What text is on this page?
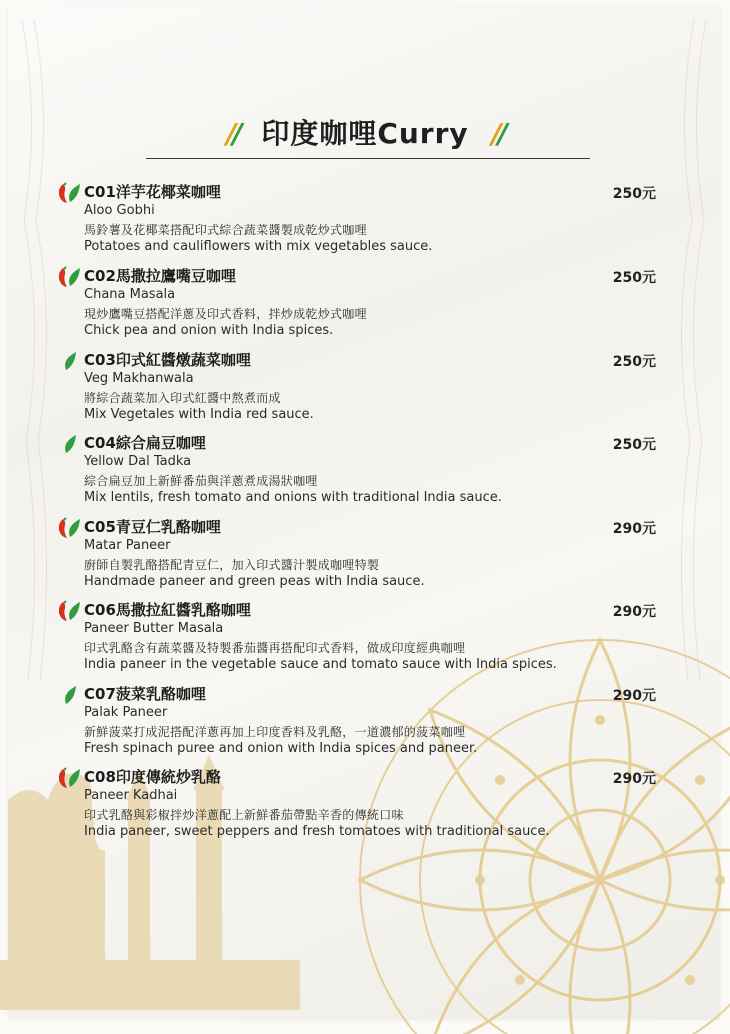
// 印度咖哩Curry //
C01洋芋花椰菜咖哩	250元
Aloo Gobhi
馬鈴薯及花椰菜搭配印式綜合蔬菜醬製成乾炒式咖哩
Potatoes and cauliflowers with mix vegetables sauce.
C02馬撒拉鷹嘴豆咖哩	250元
Chana Masala
現炒鷹嘴豆搭配洋蔥及印式香料，拌炒成乾炒式咖哩
Chick pea and onion with India spices.
C03印式紅醬燉蔬菜咖哩	250元
Veg Makhanwala
將綜合蔬菜加入印式紅醬中熬煮而成
Mix Vegetales with India red sauce.
C04綜合扁豆咖哩	250元
Yellow Dal Tadka
綜合扁豆加上新鮮番茄與洋蔥煮成湯狀咖哩
Mix lentils, fresh tomato and onions with traditional India sauce.
C05青豆仁乳酪咖哩	290元
Matar Paneer
廚師自製乳酪搭配青豆仁，加入印式醬汁製成咖哩特製
Handmade paneer and green peas with India sauce.
C06馬撒拉紅醬乳酪咖哩	290元
Paneer Butter Masala
印式乳酪含有蔬菜醬及特製番茄醬再搭配印式香料，做成印度經典咖哩
India paneer in the vegetable sauce and tomato sauce with India spices.
C07菠菜乳酪咖哩	290元
Palak Paneer
新鮮菠菜打成泥搭配洋蔥再加上印度香料及乳酪，一道濃郁的菠菜咖哩
Fresh spinach puree and onion with India spices and paneer.
C08印度傳統炒乳酪	290元
Paneer Kadhai
印式乳酪與彩椒拌炒洋蔥配上新鮮番茄帶點辛香的傳統口味
India paneer, sweet peppers and fresh tomatoes with traditional sauce.
